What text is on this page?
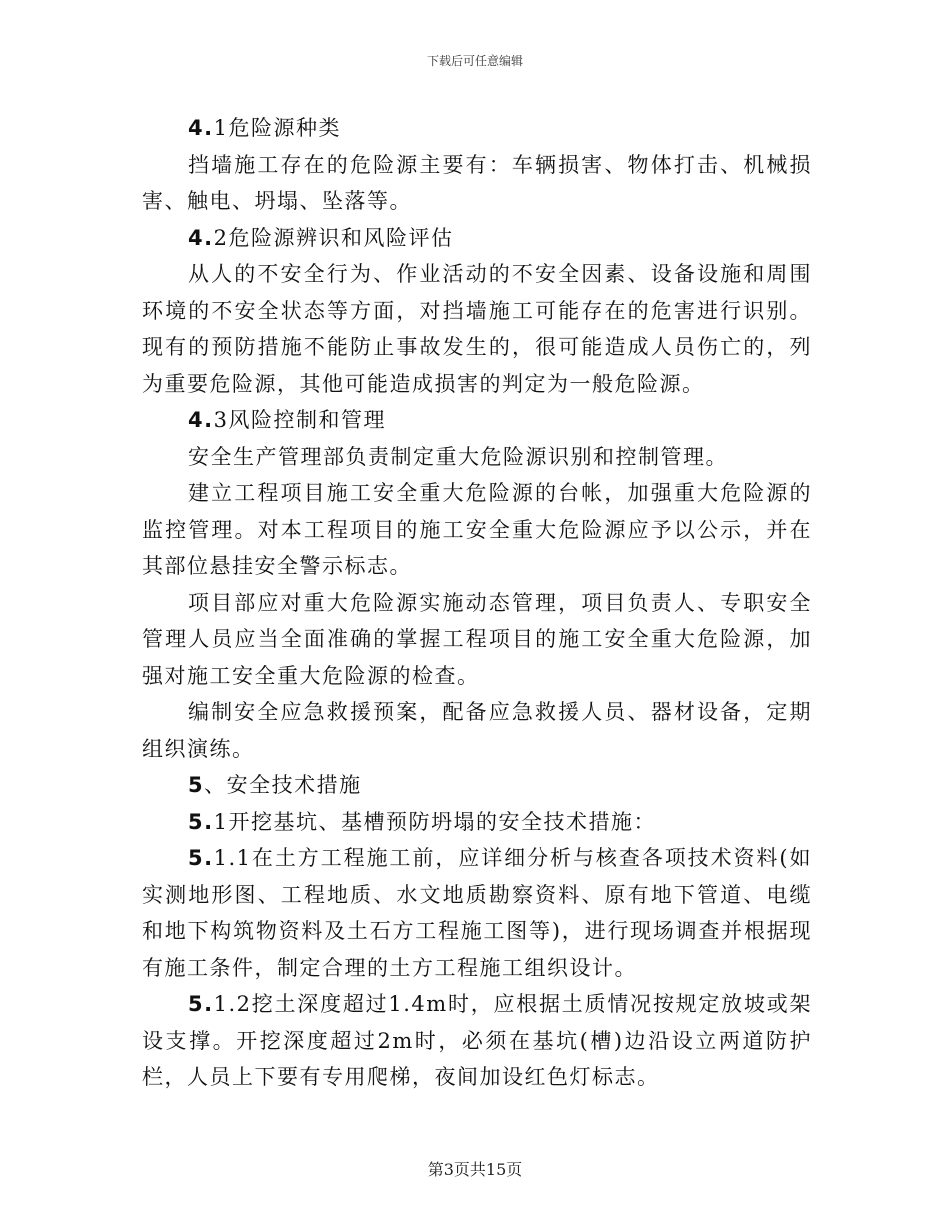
下载后可任意编辑

4.1危险源种类

挡墙施工存在的危险源主要有：车辆损害、物体打击、机械损害、触电、坍塌、坠落等。

4.2危险源辨识和风险评估

从人的不安全行为、作业活动的不安全因素、设备设施和周围环境的不安全状态等方面，对挡墙施工可能存在的危害进行识别。现有的预防措施不能防止事故发生的，很可能造成人员伤亡的，列为重要危险源，其他可能造成损害的判定为一般危险源。

4.3风险控制和管理

安全生产管理部负责制定重大危险源识别和控制管理。

建立工程项目施工安全重大危险源的台帐，加强重大危险源的监控管理。对本工程项目的施工安全重大危险源应予以公示，并在其部位悬挂安全警示标志。

项目部应对重大危险源实施动态管理，项目负责人、专职安全管理人员应当全面准确的掌握工程项目的施工安全重大危险源，加强对施工安全重大危险源的检查。

编制安全应急救援预案，配备应急救援人员、器材设备，定期组织演练。

5、安全技术措施

5.1开挖基坑、基槽预防坍塌的安全技术措施：

5.1.1在土方工程施工前，应详细分析与核查各项技术资料(如实测地形图、工程地质、水文地质勘察资料、原有地下管道、电缆和地下构筑物资料及土石方工程施工图等)，进行现场调查并根据现有施工条件，制定合理的土方工程施工组织设计。

5.1.2挖土深度超过1.4m时，应根据土质情况按规定放坡或架设支撑。开挖深度超过2m时，必须在基坑(槽)边沿设立两道防护栏，人员上下要有专用爬梯，夜间加设红色灯标志。

第3页共15页
